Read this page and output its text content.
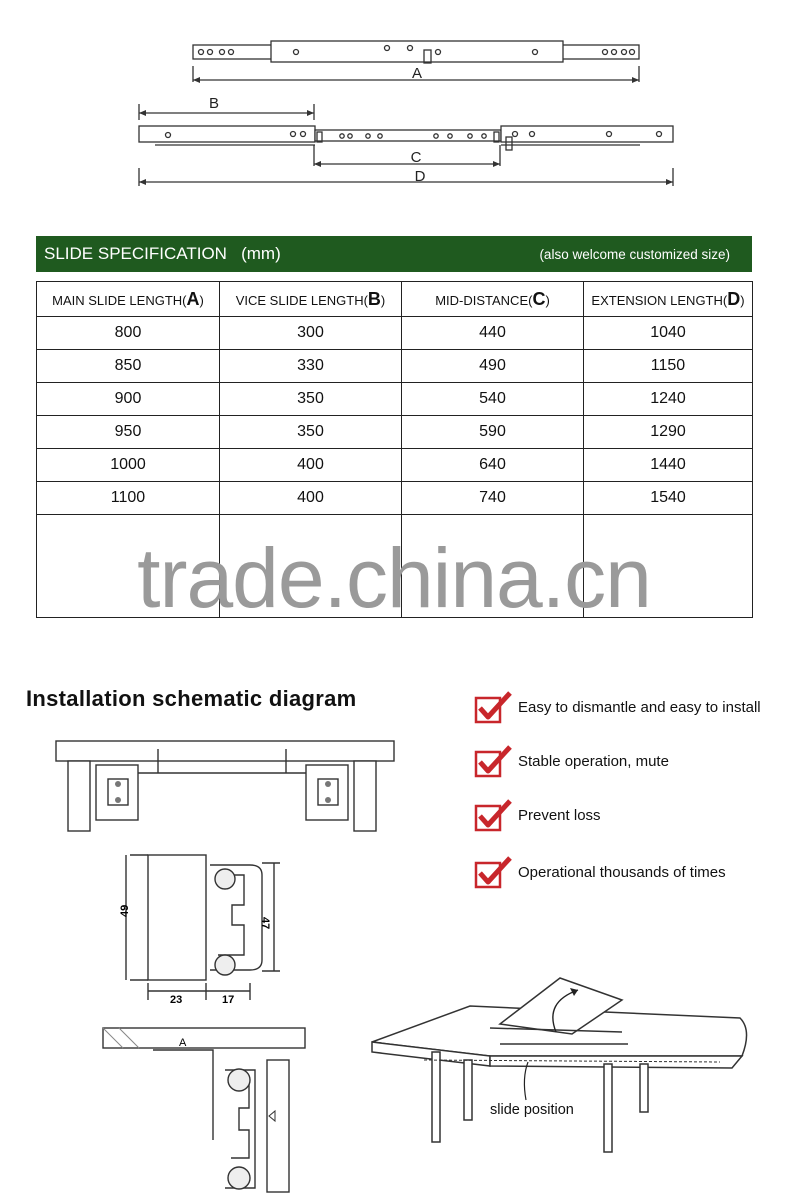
A
B
C
D
SLIDE SPECIFICATION   (mm)	(also welcome customized size)
MAIN SLIDE LENGTH(A)	VICE SLIDE LENGTH(B)	MID-DISTANCE(C)	EXTENSION LENGTH(D)
800	300	440	1040
850	330	490	1150
900	350	540	1240
950	350	590	1290
1000	400	640	1440
1100	400	740	1540

trade.china.cn
Installation schematic diagram
49
47
23	17
A
Easy to dismantle and easy to install
Stable operation, mute
Prevent loss
Operational thousands of times
slide position
